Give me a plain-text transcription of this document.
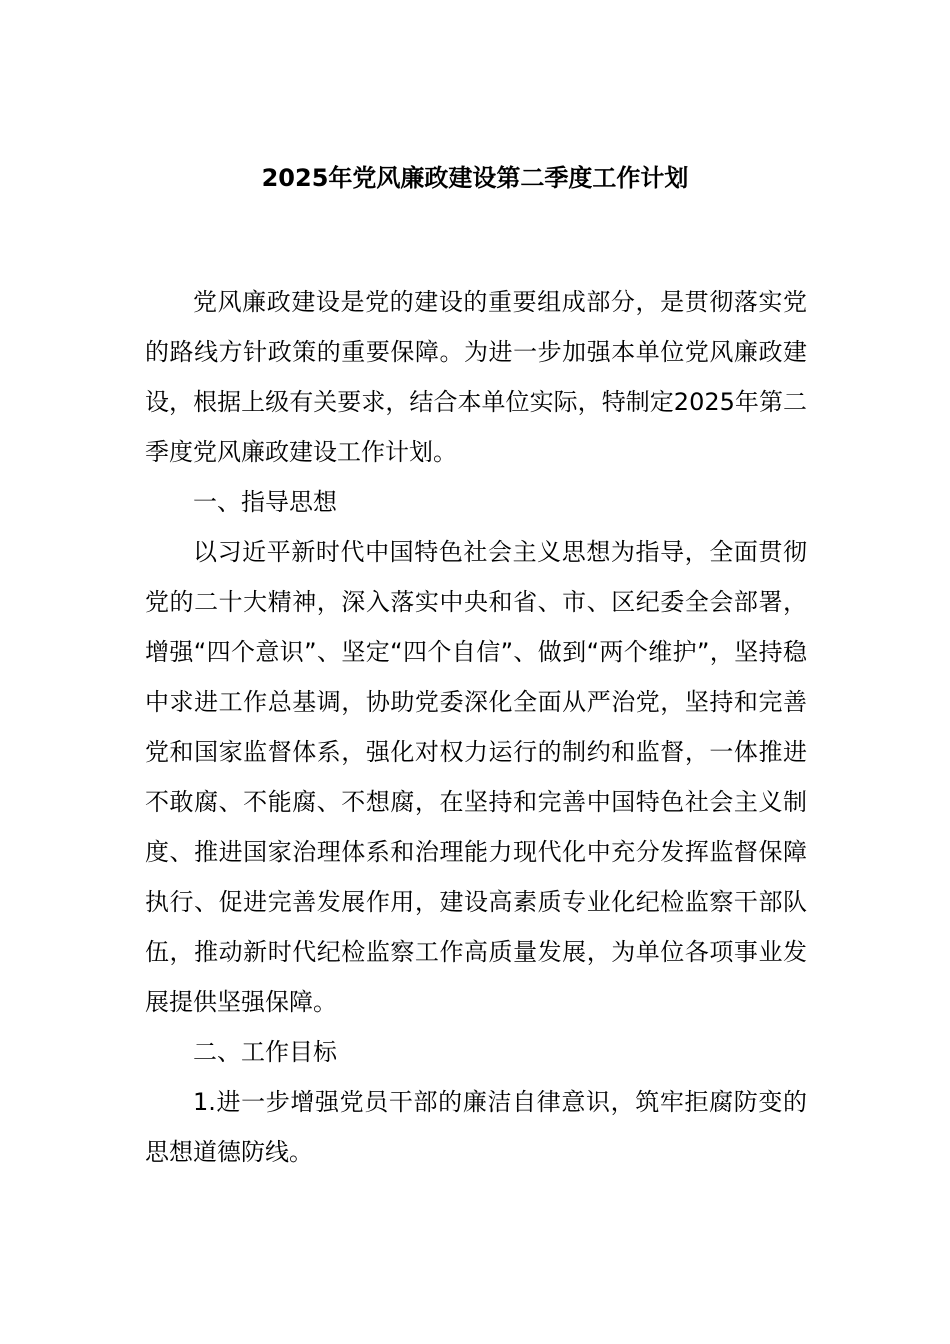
2025年党风廉政建设第二季度工作计划

党风廉政建设是党的建设的重要组成部分，是贯彻落实党的路线方针政策的重要保障。为进一步加强本单位党风廉政建设，根据上级有关要求，结合本单位实际，特制定2025年第二季度党风廉政建设工作计划。

一、指导思想

以习近平新时代中国特色社会主义思想为指导，全面贯彻党的二十大精神，深入落实中央和省、市、区纪委全会部署，增强“四个意识”、坚定“四个自信”、做到“两个维护”，坚持稳中求进工作总基调，协助党委深化全面从严治党，坚持和完善党和国家监督体系，强化对权力运行的制约和监督，一体推进不敢腐、不能腐、不想腐，在坚持和完善中国特色社会主义制度、推进国家治理体系和治理能力现代化中充分发挥监督保障执行、促进完善发展作用，建设高素质专业化纪检监察干部队伍，推动新时代纪检监察工作高质量发展，为单位各项事业发展提供坚强保障。

二、工作目标

1.进一步增强党员干部的廉洁自律意识，筑牢拒腐防变的思想道德防线。
